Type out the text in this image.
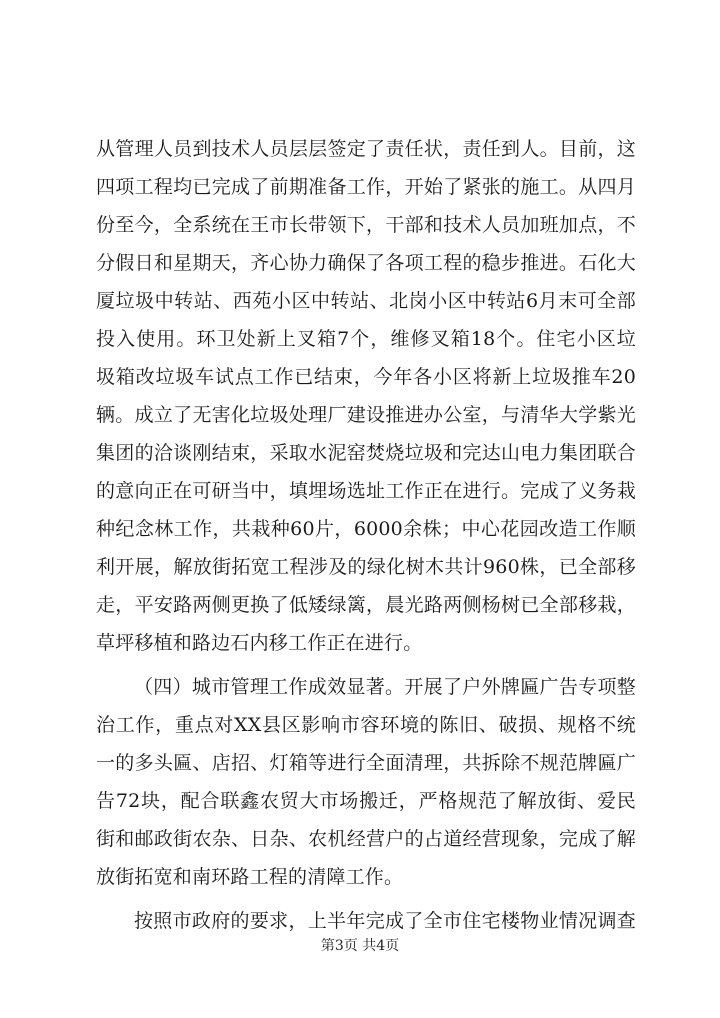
从管理人员到技术人员层层签定了责任状，责任到人。目前，这
四项工程均已完成了前期准备工作，开始了紧张的施工。从四月
份至今，全系统在王市长带领下，干部和技术人员加班加点，不
分假日和星期天，齐心协力确保了各项工程的稳步推进。石化大
厦垃圾中转站、西苑小区中转站、北岗小区中转站6月末可全部
投入使用。环卫处新上叉箱7个，维修叉箱18个。住宅小区垃
圾箱改垃圾车试点工作已结束，今年各小区将新上垃圾推车20
辆。成立了无害化垃圾处理厂建设推进办公室，与清华大学紫光
集团的洽谈刚结束，采取水泥窑焚烧垃圾和完达山电力集团联合
的意向正在可研当中，填埋场选址工作正在进行。完成了义务栽
种纪念林工作，共栽种60片，6000余株；中心花园改造工作顺
利开展，解放街拓宽工程涉及的绿化树木共计960株，已全部移
走，平安路两侧更换了低矮绿篱，晨光路两侧杨树已全部移栽，
草坪移植和路边石内移工作正在进行。
（四）城市管理工作成效显著。开展了户外牌匾广告专项整
治工作，重点对XX县区影响市容环境的陈旧、破损、规格不统
一的多头匾、店招、灯箱等进行全面清理，共拆除不规范牌匾广
告72块，配合联鑫农贸大市场搬迁，严格规范了解放街、爱民
街和邮政街农杂、日杂、农机经营户的占道经营现象，完成了解
放街拓宽和南环路工程的清障工作。
按照市政府的要求，上半年完成了全市住宅楼物业情况调查
第3页 共4页
